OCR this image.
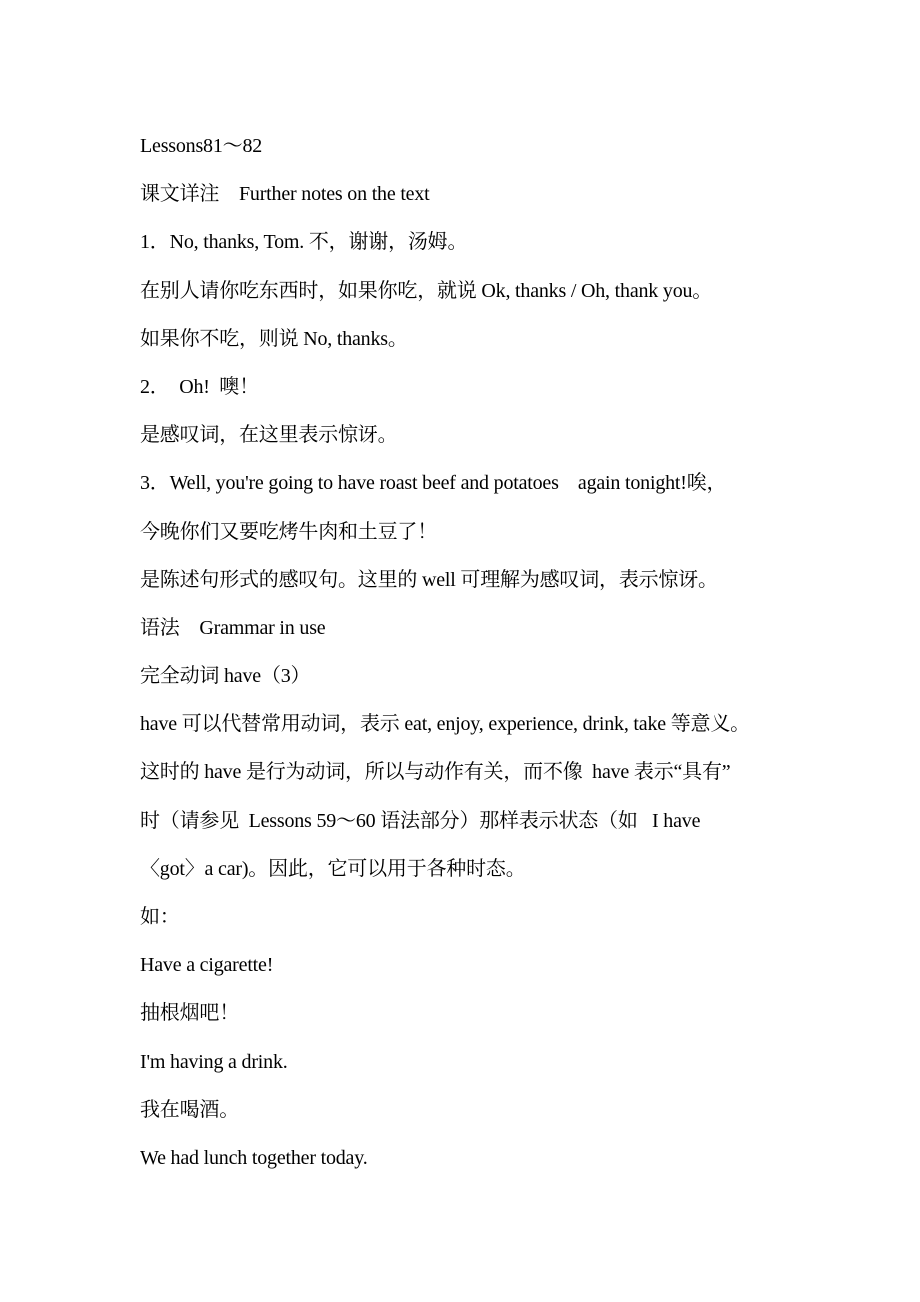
Lessons81～82
课文详注　Further notes on the text
1．No, thanks, Tom. 不，谢谢，汤姆。
在别人请你吃东西时，如果你吃，就说 Ok, thanks / Oh, thank you。
如果你不吃，则说 No, thanks。
2．  Oh!  噢！
是感叹词，在这里表示惊讶。
3．Well, you're going to have roast beef and potatoes    again tonight!唉，
今晚你们又要吃烤牛肉和土豆了！
是陈述句形式的感叹句。这里的 well 可理解为感叹词，表示惊讶。
语法　Grammar in use
完全动词 have（3）
have 可以代替常用动词，表示 eat, enjoy, experience, drink, take 等意义。
这时的 have 是行为动词，所以与动作有关，而不像  have 表示“具有”
时（请参见  Lessons 59～60 语法部分）那样表示状态（如   I have
〈got〉a car)。因此，它可以用于各种时态。
如：
Have a cigarette!
抽根烟吧！
I'm having a drink.
我在喝酒。
We had lunch together today.
